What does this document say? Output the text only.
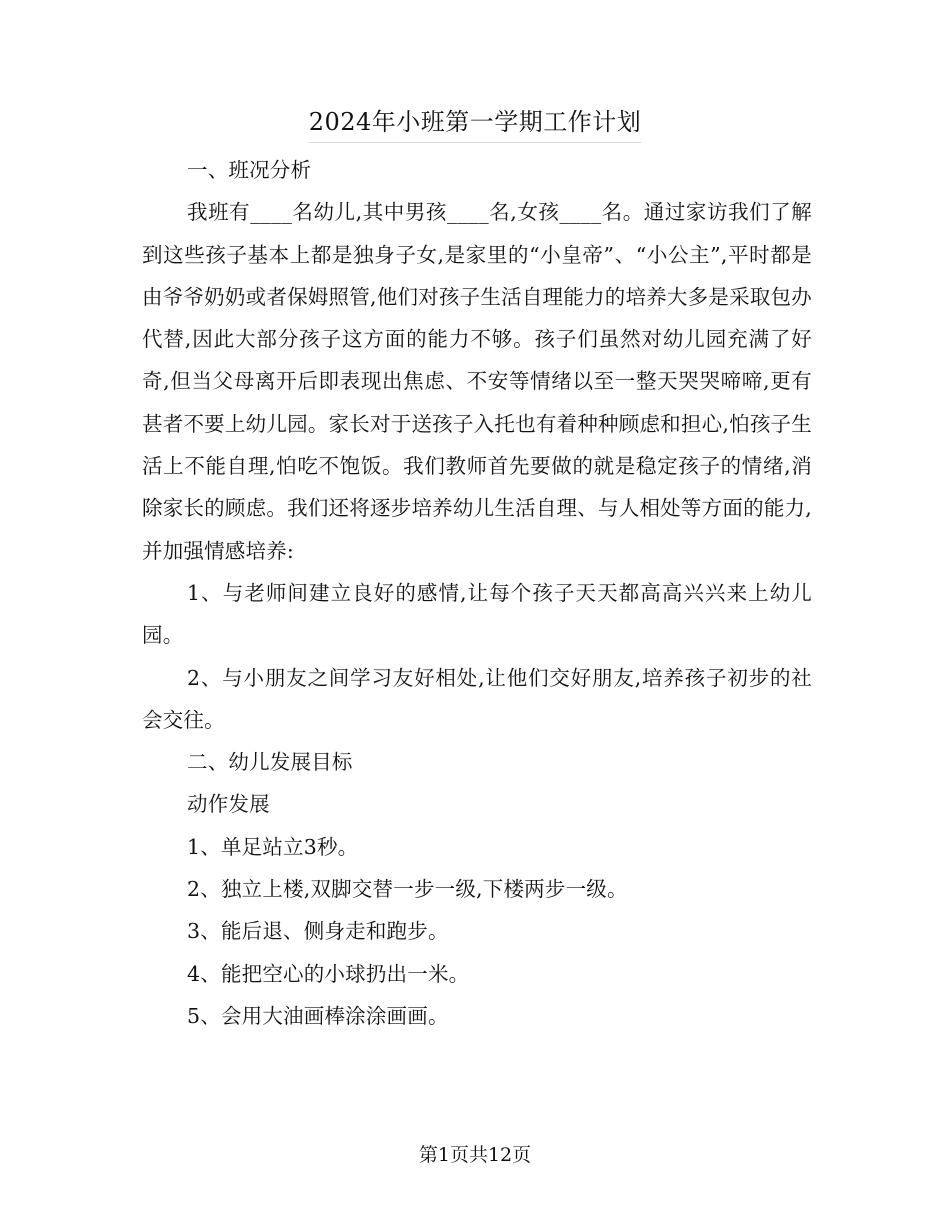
2024年小班第一学期工作计划

一、班况分析

我班有____名幼儿,其中男孩____名,女孩____名。通过家访我们了解到这些孩子基本上都是独身子女,是家里的“小皇帝”、“小公主”,平时都是由爷爷奶奶或者保姆照管,他们对孩子生活自理能力的培养大多是采取包办代替,因此大部分孩子这方面的能力不够。孩子们虽然对幼儿园充满了好奇,但当父母离开后即表现出焦虑、不安等情绪以至一整天哭哭啼啼,更有甚者不要上幼儿园。家长对于送孩子入托也有着种种顾虑和担心,怕孩子生活上不能自理,怕吃不饱饭。我们教师首先要做的就是稳定孩子的情绪,消除家长的顾虑。我们还将逐步培养幼儿生活自理、与人相处等方面的能力,并加强情感培养:

1、与老师间建立良好的感情,让每个孩子天天都高高兴兴来上幼儿园。

2、与小朋友之间学习友好相处,让他们交好朋友,培养孩子初步的社会交往。

二、幼儿发展目标

动作发展

1、单足站立3秒。

2、独立上楼,双脚交替一步一级,下楼两步一级。

3、能后退、侧身走和跑步。

4、能把空心的小球扔出一米。

5、会用大油画棒涂涂画画。

第1页共12页
